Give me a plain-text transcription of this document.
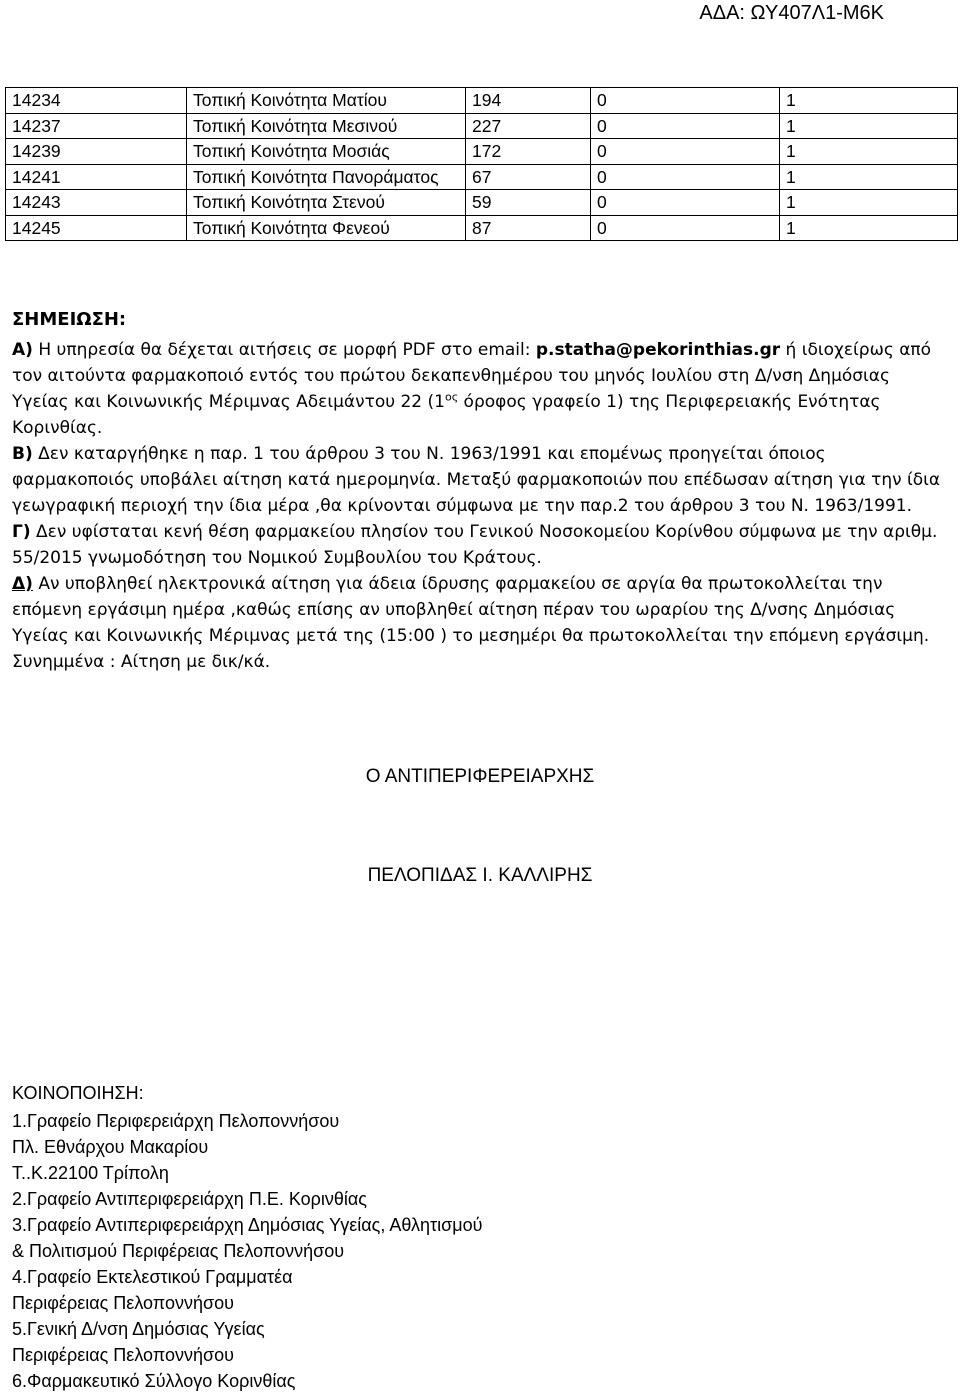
ΑΔΑ: ΩΥ407Λ1-Μ6Κ
14234	Τοπική Κοινότητα Ματίου	194	0	1
14237	Τοπική Κοινότητα Μεσινού	227	0	1
14239	Τοπική Κοινότητα Μοσιάς	172	0	1
14241	Τοπική Κοινότητα Πανοράματος	67	0	1
14243	Τοπική Κοινότητα Στενού	59	0	1
14245	Τοπική Κοινότητα Φενεού	87	0	1

ΣΗΜΕΙΩΣΗ:

Α) Η υπηρεσία θα δέχεται αιτήσεις σε μορφή PDF στο email: p.statha@pekorinthias.gr ή ιδιοχείρως από τον αιτούντα φαρμακοποιό εντός του πρώτου δεκαπενθημέρου του μηνός Ιουλίου στη Δ/νση Δημόσιας Υγείας και Κοινωνικής Μέριμνας Αδειμάντου 22 ($1^{o\varsigma}$ όροφος γραφείο 1) της Περιφερειακής Ενότητας Κορινθίας.

Β) Δεν καταργήθηκε η παρ. 1 του άρθρου 3 του Ν. 1963/1991 και επομένως προηγείται όποιος φαρμακοποιός υποβάλει αίτηση κατά ημερομηνία. Μεταξύ φαρμακοποιών που επέδωσαν αίτηση για την ίδια γεωγραφική περιοχή την ίδια μέρα ,θα κρίνονται σύμφωνα με την παρ.2 του άρθρου 3 του Ν. 1963/1991.

Γ) Δεν υφίσταται κενή θέση φαρμακείου πλησίον του Γενικού Νοσοκομείου Κορίνθου σύμφωνα με την αριθμ. 55/2015 γνωμοδότηση του Νομικού Συμβουλίου του Κράτους.

Δ) Αν υποβληθεί ηλεκτρονικά αίτηση για άδεια ίδρυσης φαρμακείου σε αργία θα πρωτοκολλείται την επόμενη εργάσιμη ημέρα ,καθώς επίσης αν υποβληθεί αίτηση πέραν του ωραρίου της Δ/νσης Δημόσιας Υγείας και Κοινωνικής Μέριμνας μετά της (15:00 ) το μεσημέρι θα πρωτοκολλείται την επόμενη εργάσιμη.

Συνημμένα : Αίτηση με δικ/κά.

Ο ΑΝΤΙΠΕΡΙΦΕΡΕΙΑΡΧΗΣ
ΠΕΛΟΠΙΔΑΣ Ι. ΚΑΛΛΙΡΗΣ
ΚΟΙΝΟΠΟΙΗΣΗ:
1.Γραφείο Περιφερειάρχη Πελοποννήσου
Πλ. Εθνάρχου Μακαρίου
Τ..Κ.22100 Τρίπολη
2.Γραφείο Αντιπεριφερειάρχη Π.Ε. Κορινθίας
3.Γραφείο Αντιπεριφερειάρχη Δημόσιας Υγείας, Αθλητισμού
& Πολιτισμού Περιφέρειας Πελοποννήσου
4.Γραφείο Εκτελεστικού Γραμματέα
Περιφέρειας Πελοποννήσου
5.Γενική Δ/νση Δημόσιας Υγείας
Περιφέρειας Πελοποννήσου
6.Φαρμακευτικό Σύλλογο Κορινθίας
